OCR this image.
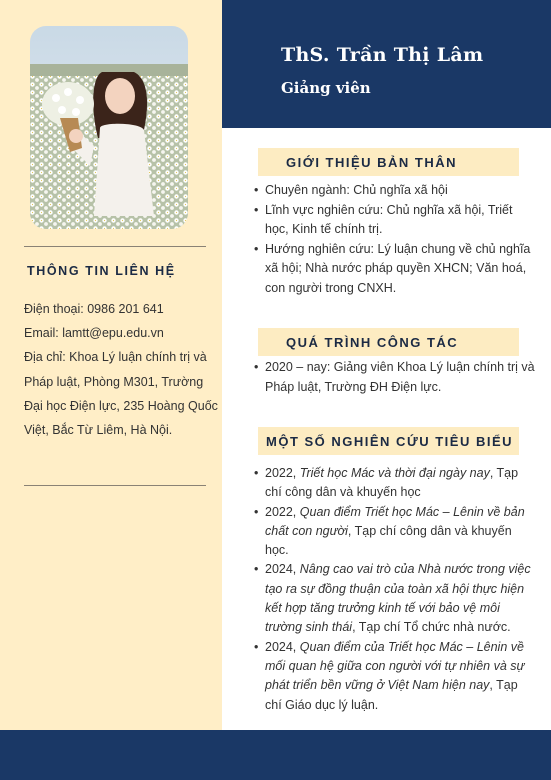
ThS. Trần Thị Lâm
Giảng viên
THÔNG TIN LIÊN HỆ

Điện thoại: 0986 201 641

Email: lamtt@epu.edu.vn

Địa chỉ: Khoa Lý luận chính trị và Pháp luật, Phòng M301, Trường Đại học Điện lực, 235 Hoàng Quốc Việt, Bắc Từ Liêm, Hà Nội.

GIỚI THIỆU BẢN THÂN
• Chuyên ngành: Chủ nghĩa xã hội
• Lĩnh vực nghiên cứu: Chủ nghĩa xã hội, Triết học, Kinh tế chính trị.
• Hướng nghiên cứu: Lý luận chung về chủ nghĩa xã hội; Nhà nước pháp quyền XHCN; Văn hoá, con người trong CNXH.
QUÁ TRÌNH CÔNG TÁC
• 2020 – nay: Giảng viên Khoa Lý luận chính trị và Pháp luật, Trường ĐH Điện lực.
MỘT SỐ NGHIÊN CỨU TIÊU BIỂU
• 2022, Triết học Mác và thời đại ngày nay, Tạp chí công dân và khuyến học
• 2022, Quan điểm Triết học Mác – Lênin về bản chất con người, Tạp chí công dân và khuyến học.
• 2024, Nâng cao vai trò của Nhà nước trong việc tạo ra sự đồng thuận của toàn xã hội thực hiện kết hợp tăng trưởng kinh tế với bảo vệ môi trường sinh thái, Tạp chí Tổ chức nhà nước.
• 2024, Quan điểm của Triết học Mác – Lênin về mối quan hệ giữa con người với tự nhiên và sự phát triển bền vững ở Việt Nam hiện nay, Tạp chí Giáo dục lý luận.
